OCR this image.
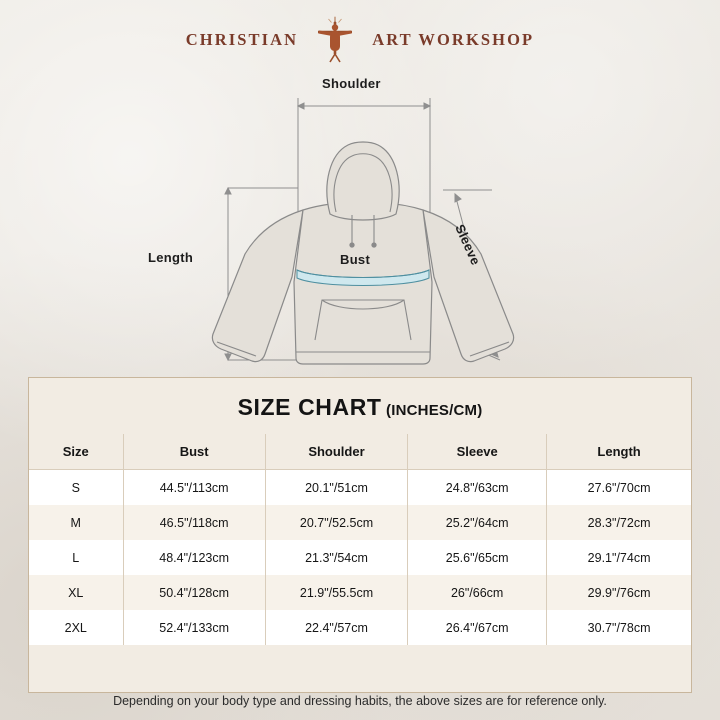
CHRISTIAN	ART WORKSHOP
Shoulder
Length	Bust	Sleeve
SIZE CHART (INCHES/CM)
Size	Bust	Shoulder	Sleeve	Length
S	44.5"/113cm	20.1"/51cm	24.8"/63cm	27.6"/70cm
M	46.5"/118cm	20.7"/52.5cm	25.2"/64cm	28.3"/72cm
L	48.4"/123cm	21.3"/54cm	25.6"/65cm	29.1"/74cm
XL	50.4"/128cm	21.9"/55.5cm	26"/66cm	29.9"/76cm
2XL	52.4"/133cm	22.4"/57cm	26.4"/67cm	30.7"/78cm
Depending on your body type and dressing habits, the above sizes are for reference only.
